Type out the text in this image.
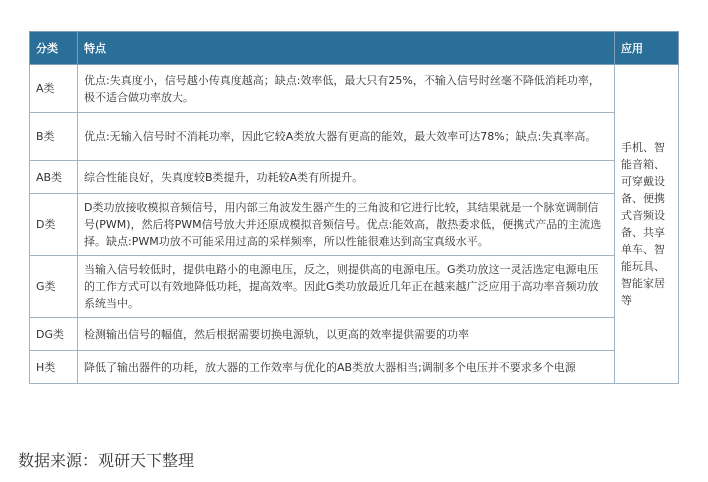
分类	特点	应用
A类	优点:失真度小，信号越小传真度越高；缺点:效率低，最大只有25%，不输入信号时丝毫不降低消耗功率，极不适合做功率放大。	手机、智能音箱、可穿戴设备、便携式音频设备、共享单车、智能玩具、智能家居等
B类	优点:无输入信号时不消耗功率，因此它较A类放大器有更高的能效，最大效率可达78%；缺点:失真率高。	
AB类	综合性能良好，失真度较B类提升，功耗较A类有所提升。	
D类	D类功放接收模拟音频信号，用内部三角波发生器产生的三角波和它进行比较，其结果就是一个脉宽调制信号(PWM)，然后将PWM信号放大并还原成模拟音频信号。优点:能效高，散热委求低，便携式产品的主流选择。缺点:PWM功放不可能采用过高的采样频率，所以性能很难达到高宝真级水平。	
G类	当输入信号较低时，提供电路小的电源电压，反之，则提供高的电源电压。G类功放这一灵活选定电源电压的工作方式可以有效地降低功耗，提高效率。因此G类功放最近几年正在越来越广泛应用于高功率音频功放系统当中。	
DG类	检测输出信号的幅值，然后根据需要切换电源轨，以更高的效率提供需要的功率	
H类	降低了输出器件的功耗，放大器的工作效率与优化的AB类放大器相当;调制多个电压并不要求多个电源	
数据来源：观研天下整理
